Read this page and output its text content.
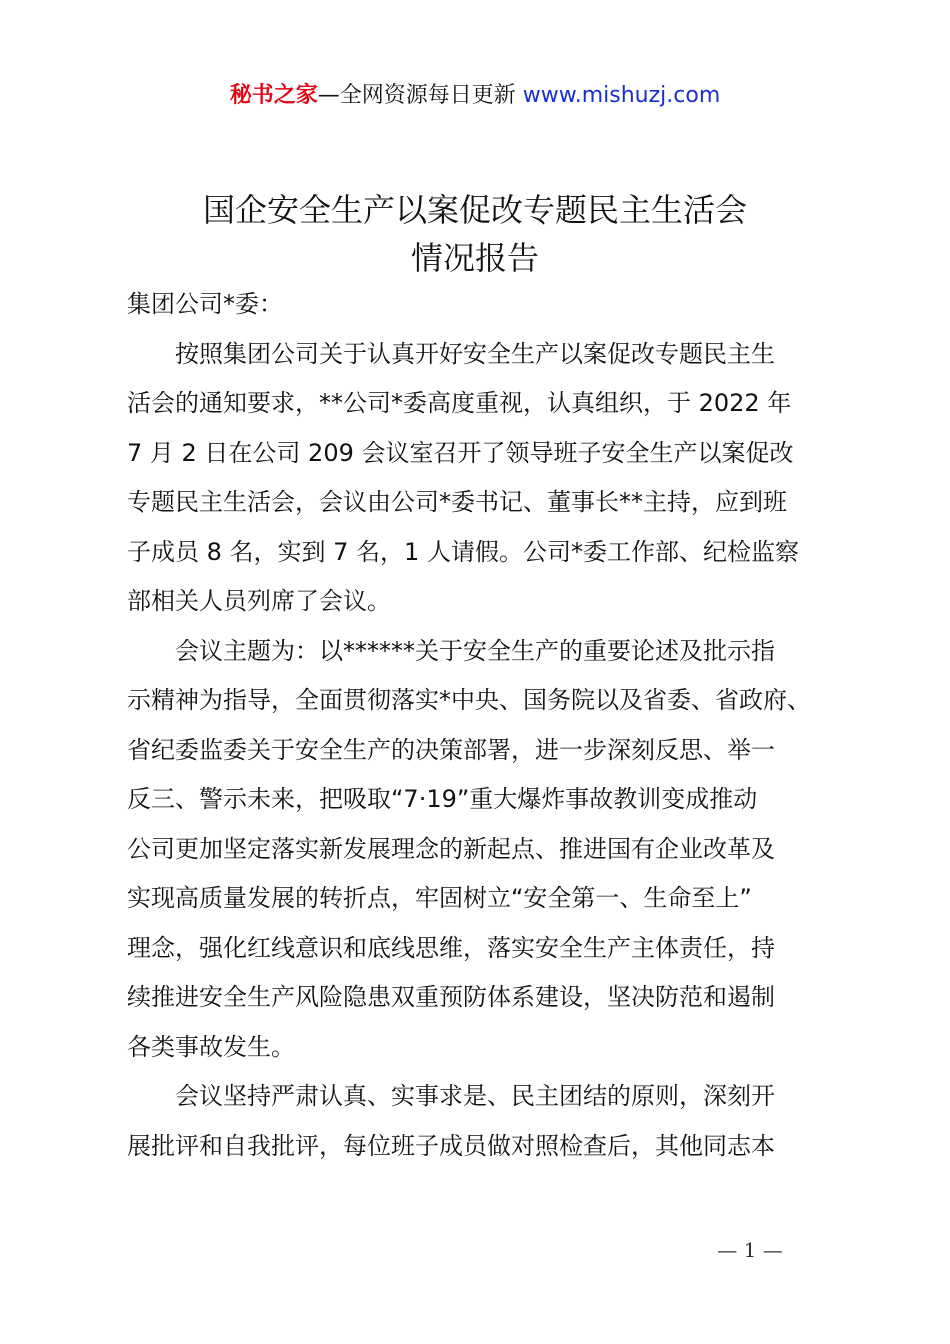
秘书之家—全网资源每日更新 www.mishuzj.com
国企安全生产以案促改专题民主生活会
情况报告
集团公司*委：
　　按照集团公司关于认真开好安全生产以案促改专题民主生
活会的通知要求，**公司*委高度重视，认真组织，于 2022 年
7 月 2 日在公司 209 会议室召开了领导班子安全生产以案促改
专题民主生活会，会议由公司*委书记、董事长**主持，应到班
子成员 8 名，实到 7 名，1 人请假。公司*委工作部、纪检监察
部相关人员列席了会议。
　　会议主题为：以******关于安全生产的重要论述及批示指
示精神为指导，全面贯彻落实*中央、国务院以及省委、省政府、
省纪委监委关于安全生产的决策部署，进一步深刻反思、举一
反三、警示未来，把吸取“7·19”重大爆炸事故教训变成推动
公司更加坚定落实新发展理念的新起点、推进国有企业改革及
实现高质量发展的转折点，牢固树立“安全第一、生命至上”
理念，强化红线意识和底线思维，落实安全生产主体责任，持
续推进安全生产风险隐患双重预防体系建设，坚决防范和遏制
各类事故发生。
　　会议坚持严肃认真、实事求是、民主团结的原则，深刻开
展批评和自我批评，每位班子成员做对照检查后，其他同志本
— 1 —
